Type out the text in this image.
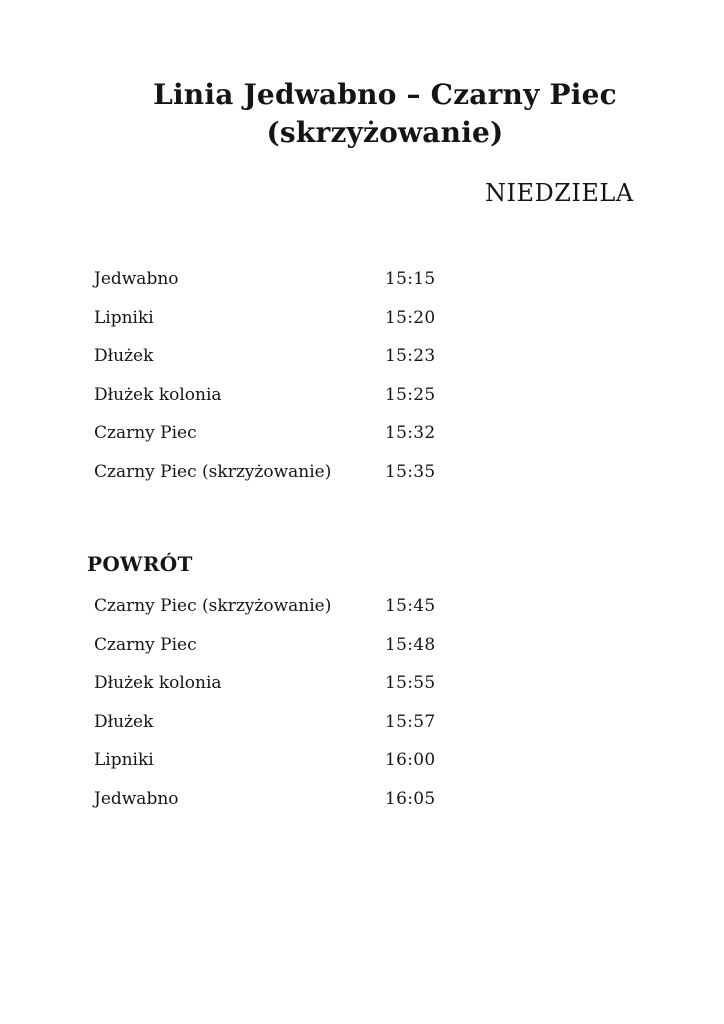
Linia Jedwabno – Czarny Piec
(skrzyżowanie)
NIEDZIELA
Jedwabno	15:15
Lipniki	15:20
Dłużek	15:23
Dłużek kolonia	15:25
Czarny Piec	15:32
Czarny Piec (skrzyżowanie)	15:35
POWRÓT
Czarny Piec (skrzyżowanie)	15:45
Czarny Piec	15:48
Dłużek kolonia	15:55
Dłużek	15:57
Lipniki	16:00
Jedwabno	16:05
